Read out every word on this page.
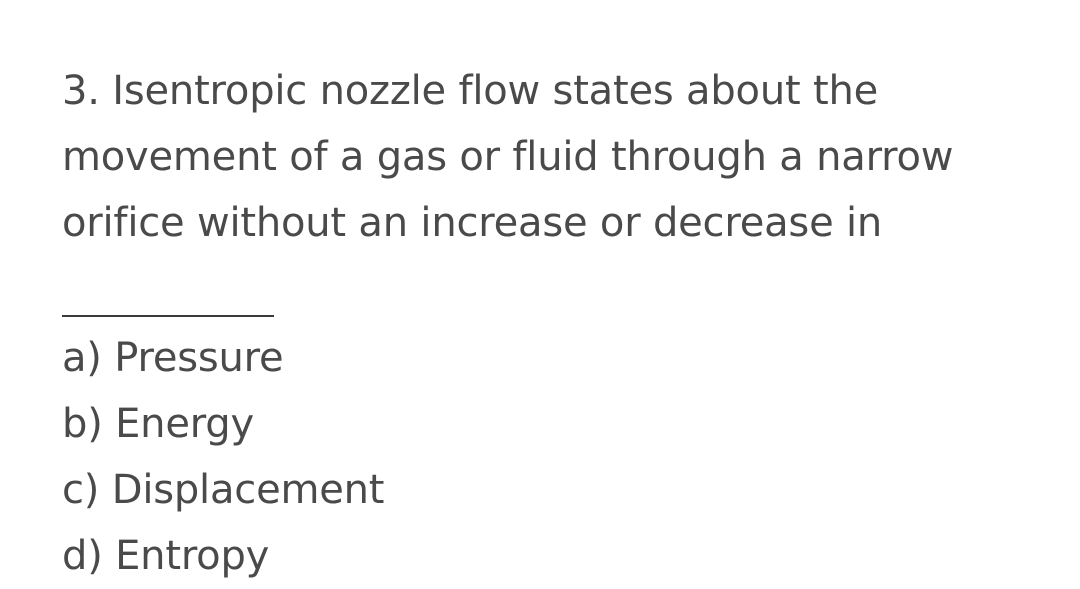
3. Isentropic nozzle flow states about the
movement of a gas or fluid through a narrow
orifice without an increase or decrease in
a) Pressure
b) Energy
c) Displacement
d) Entropy
